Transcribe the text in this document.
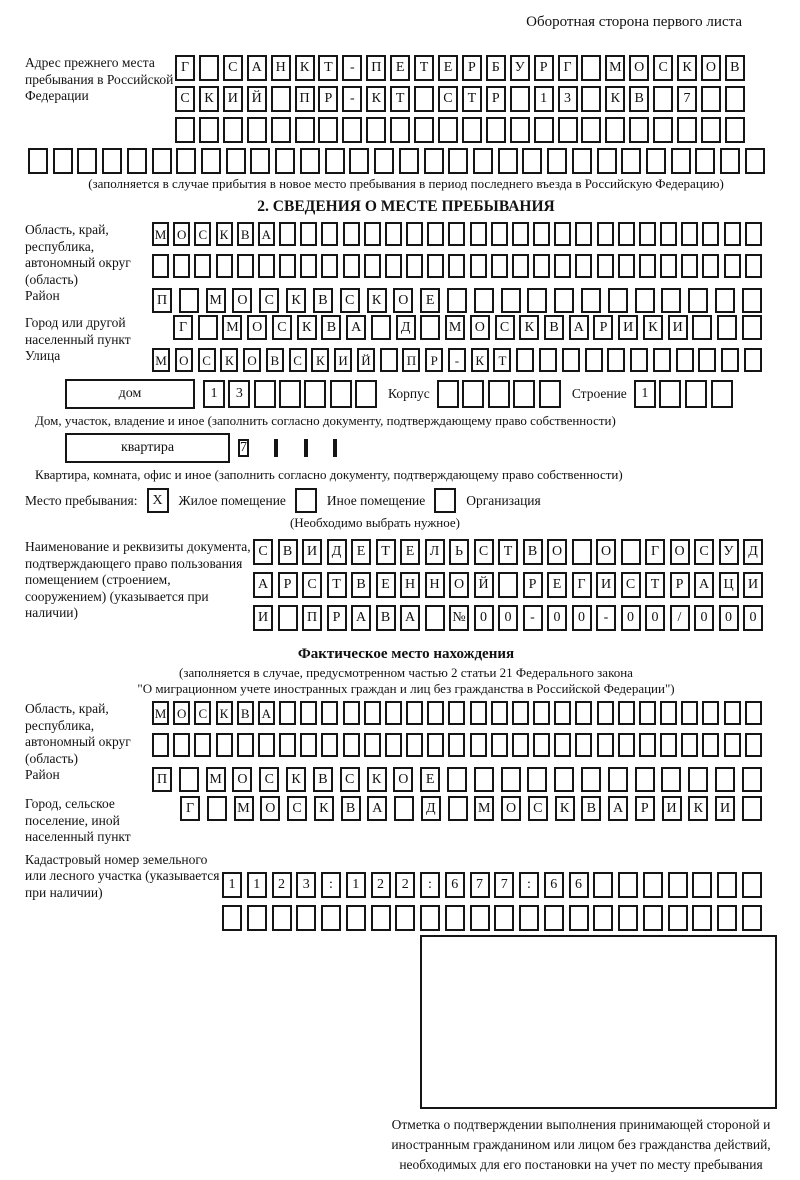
Оборотная сторона первого листа
Адрес прежнего места пребывания в Российской Федерации
Г	С	А Н	К	Т	-	П	Е	Т	Е	Р	Б	У	Р	Г	М О	С	К	О	В
С	К	И Й	П	Р	-	К	Т	С	Т	Р	1	3	К	В	7
(заполняется в случае прибытия в новое место пребывания в период последнего въезда в Российскую Федерацию)
2. СВЕДЕНИЯ О МЕСТЕ ПРЕБЫВАНИЯ
Область, край, республика, автономный округ (область)
М О С К В А
Район	П	М	О	С	К	В	С	К	О	Е
Город или другой населенный пункт
Г	М О	С	К	В	А	Д	М О	С	К	В	А	Р	И	К	И
Улица	М О	С	К	О	В	С	К	И	Й	П	Р	-	К	Т
дом	1	3	Корпус	Строение	1
Дом, участок, владение и иное (заполнить согласно документу, подтверждающему право собственности)
квартира	7
Квартира, комната, офис и иное (заполнить согласно документу, подтверждающему право собственности)
Место пребывания:	X	Жилое помещение	Иное помещение	Организация
(Необходимо выбрать нужное)
Наименование и реквизиты документа, подтверждающего право пользования помещением (строением, сооружением) (указывается при наличии)
С	В	И	Д	Е	Т	Е	Л	Ь	С	Т	В	О	О	Г	О	С	У	Д
А	Р	С	Т	В	Е	Н	Н	О	Й	Р	Е	Г	И	С	Т	Р	А	Ц	И
И	П	Р	А	В	А	№	0	0	-	0	0	-	0	0	/	0	0	0
Фактическое место нахождения
(заполняется в случае, предусмотренном частью 2 статьи 21 Федерального закона
"О миграционном учете иностранных граждан и лиц без гражданства в Российской Федерации")
Область, край, республика, автономный округ (область)
М О С К В А
Район	П	М	О	С	К	В	С	К	О	Е
Город, сельское поселение, иной населенный пункт
Г	М	О	С	К	В	А	Д	М	О	С	К	В	А	Р	И	К	И
Кадастровый номер земельного или лесного участка (указывается при наличии)
1	1	2	3	:	1	2	2	:	6	7	7	:	6	6
Отметка о подтверждении выполнения принимающей стороной и иностранным гражданином или лицом без гражданства действий, необходимых для его постановки на учет по месту пребывания
